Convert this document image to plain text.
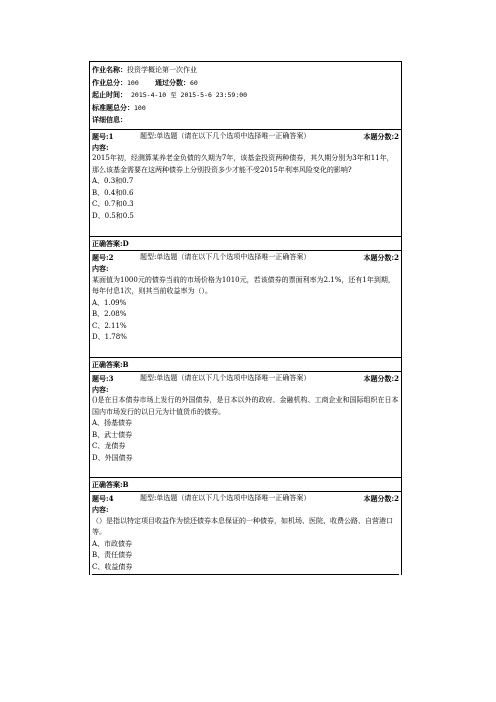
作业名称：投资学概论第一次作业
作业总分：100 通过分数：60
起止时间： 2015-4-10 至 2015-5-6 23:59:00
标准题总分：100
详细信息：
题号:1	题型:单选题（请在以下几个选项中选择唯一正确答案）	本题分数:2
内容:
2015年初，经测算某养老金负债的久期为7年，该基金投资两种债券，其久期分别为3年和11年，那么该基金需要在这两种债券上分别投资多少才能不受2015年利率风险变化的影响?
A、0.3和0.7
B、0.4和0.6
C、0.7和0.3
D、0.5和0.5
正确答案:D
题号:2	题型:单选题（请在以下几个选项中选择唯一正确答案）	本题分数:2
内容:
某面值为1000元的债券当前的市场价格为1010元，若该债券的票面利率为2.1%，还有1年到期，每年付息1次，则其当前收益率为（）。
A、1.09%
B、2.08%
C、2.11%
D、1.78%
正确答案:B
题号:3	题型:单选题（请在以下几个选项中选择唯一正确答案）	本题分数:2
内容:
()是在日本债券市场上发行的外国债券，是日本以外的政府、金融机构、工商企业和国际组织在日本国内市场发行的以日元为计值货币的债券。
A、扬基债券
B、武士债券
C、龙债券
D、外国债券
正确答案:B
题号:4	题型:单选题（请在以下几个选项中选择唯一正确答案）	本题分数:2
内容:
（）是指以特定项目收益作为偿还债券本息保证的一种债券，如机场、医院、收费公路、自营港口等。
A、市政债券
B、责任债券
C、收益债券
